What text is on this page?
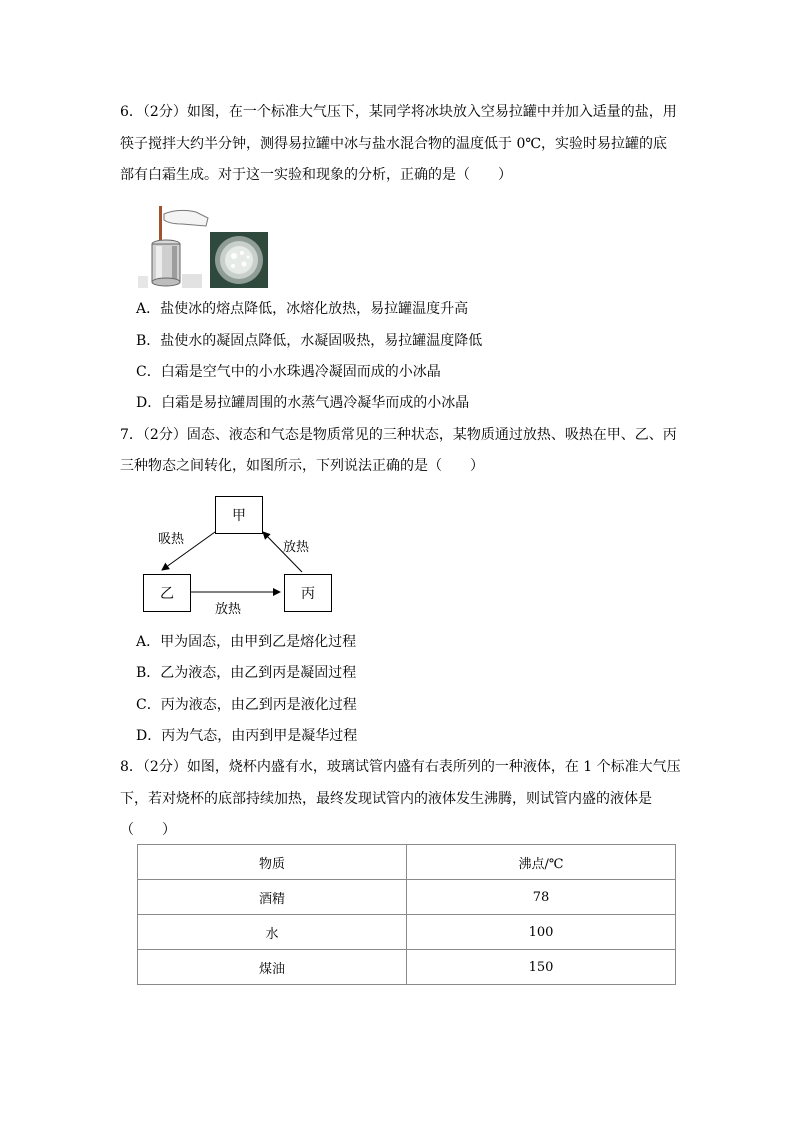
6．（2分）如图，在一个标准大气压下，某同学将冰块放入空易拉罐中并加入适量的盐，用
筷子搅拌大约半分钟，测得易拉罐中冰与盐水混合物的温度低于 0℃，实验时易拉罐的底
部有白霜生成。对于这一实验和现象的分析，正确的是（　　）
A．盐使冰的熔点降低，冰熔化放热，易拉罐温度升高
B．盐使水的凝固点降低，水凝固吸热，易拉罐温度降低
C．白霜是空气中的小水珠遇冷凝固而成的小冰晶
D．白霜是易拉罐周围的水蒸气遇冷凝华而成的小冰晶
7．（2分）固态、液态和气态是物质常见的三种状态，某物质通过放热、吸热在甲、乙、丙
三种物态之间转化，如图所示，下列说法正确的是（　　）
甲
乙	丙
吸热
放热
放热
A．甲为固态，由甲到乙是熔化过程
B．乙为液态，由乙到丙是凝固过程
C．丙为液态，由乙到丙是液化过程
D．丙为气态，由丙到甲是凝华过程
8．（2分）如图，烧杯内盛有水，玻璃试管内盛有右表所列的一种液体，在 1 个标准大气压
下，若对烧杯的底部持续加热，最终发现试管内的液体发生沸腾，则试管内盛的液体是
（　　）
物质	沸点/℃
酒精	78
水	100
煤油	150
